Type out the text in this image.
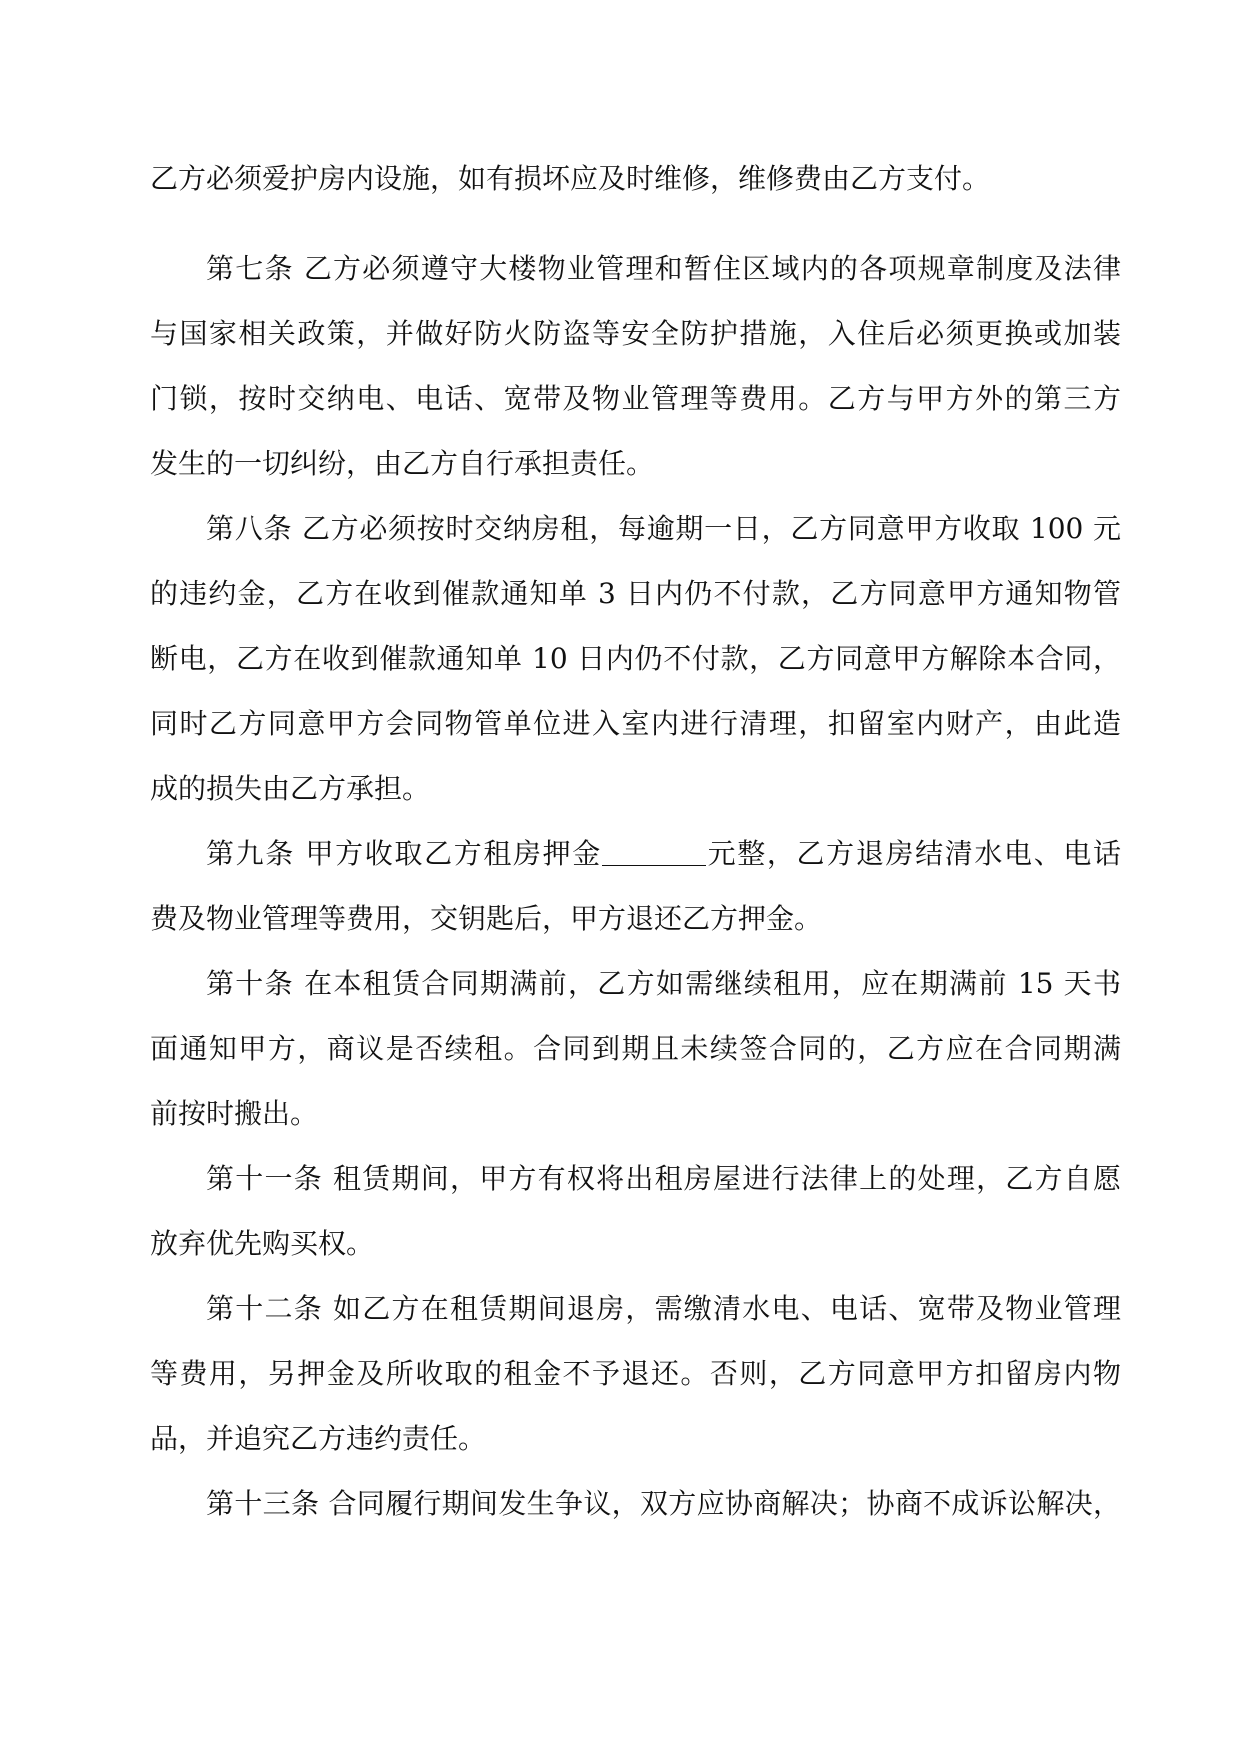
乙方必须爱护房内设施，如有损坏应及时维修，维修费由乙方支付。
第七条 乙方必须遵守大楼物业管理和暂住区域内的各项规章制度及法律
与国家相关政策，并做好防火防盗等安全防护措施，入住后必须更换或加装
门锁，按时交纳电、电话、宽带及物业管理等费用。乙方与甲方外的第三方
发生的一切纠纷，由乙方自行承担责任。
第八条 乙方必须按时交纳房租，每逾期一日，乙方同意甲方收取 100 元
的违约金，乙方在收到催款通知单 3 日内仍不付款，乙方同意甲方通知物管
断电，乙方在收到催款通知单 10 日内仍不付款，乙方同意甲方解除本合同，
同时乙方同意甲方会同物管单位进入室内进行清理，扣留室内财产，由此造
成的损失由乙方承担。
第九条 甲方收取乙方租房押金	元整，乙方退房结清水电、电话
费及物业管理等费用，交钥匙后，甲方退还乙方押金。
第十条 在本租赁合同期满前，乙方如需继续租用，应在期满前 15 天书
面通知甲方，商议是否续租。合同到期且未续签合同的，乙方应在合同期满
前按时搬出。
第十一条 租赁期间，甲方有权将出租房屋进行法律上的处理，乙方自愿
放弃优先购买权。
第十二条 如乙方在租赁期间退房，需缴清水电、电话、宽带及物业管理
等费用，另押金及所收取的租金不予退还。否则，乙方同意甲方扣留房内物
品，并追究乙方违约责任。
第十三条 合同履行期间发生争议，双方应协商解决；协商不成诉讼解决，
